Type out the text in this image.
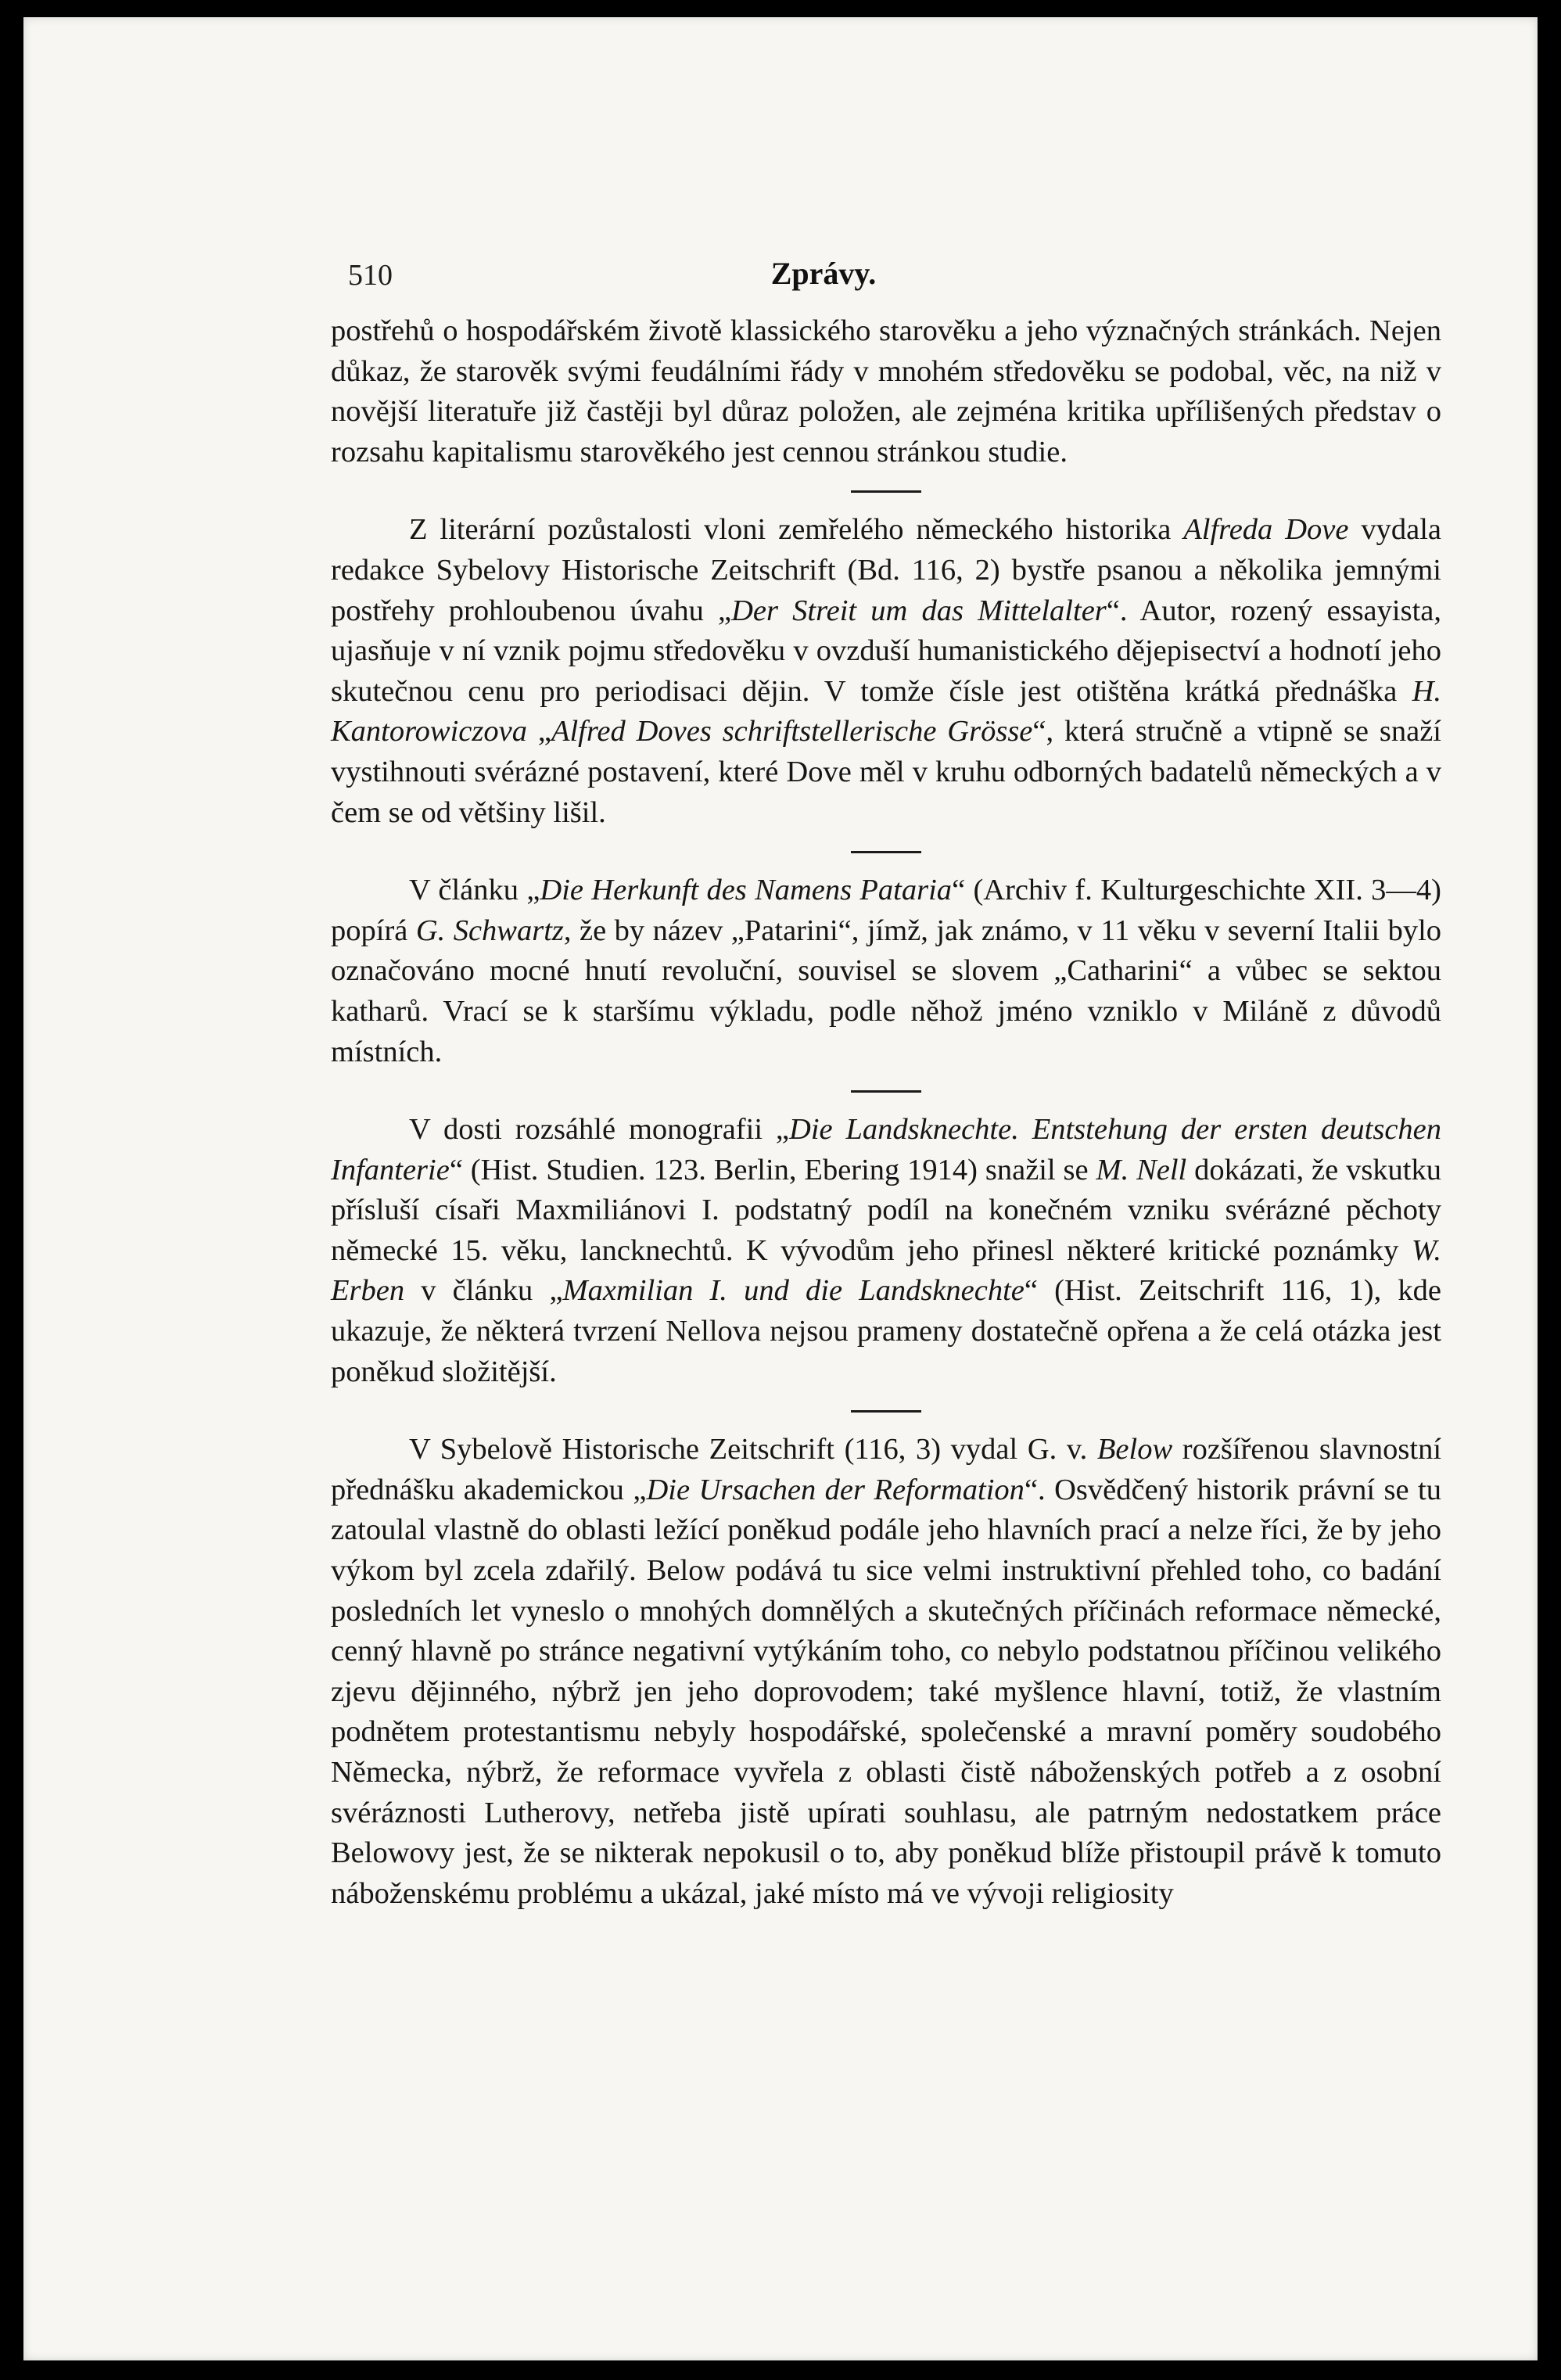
510	Zprávy.

postřehů o hospodářském životě klassického starověku a jeho význačných stránkách. Nejen důkaz, že starověk svými feudálními řády v mnohém středověku se podobal, věc, na niž v novější literatuře již častěji byl důraz položen, ale zejména kritika upřílišených představ o rozsahu kapitalismu starověkého jest cennou stránkou studie.

Z literární pozůstalosti vloni zemřelého německého historika Alfreda Dove vydala redakce Sybelovy Historische Zeitschrift (Bd. 116, 2) bystře psanou a několika jemnými postřehy prohloubenou úvahu „Der Streit um das Mittelalter“. Autor, rozený essayista, ujasňuje v ní vznik pojmu středověku v ovzduší humanistického dějepisectví a hodnotí jeho skutečnou cenu pro periodisaci dějin. V tomže čísle jest otištěna krátká přednáška H. Kantorowiczova „Alfred Doves schriftstellerische Grösse“, která stručně a vtipně se snaží vystihnouti svérázné postavení, které Dove měl v kruhu odborných badatelů německých a v čem se od většiny lišil.

V článku „Die Herkunft des Namens Pataria“ (Archiv f. Kulturgeschichte XII. 3—4) popírá G. Schwartz, že by název „Patarini“, jímž, jak známo, v 11 věku v severní Italii bylo označováno mocné hnutí revoluční, souvisel se slovem „Catharini“ a vůbec se sektou katharů. Vrací se k staršímu výkladu, podle něhož jméno vzniklo v Miláně z důvodů místních.

V dosti rozsáhlé monografii „Die Landsknechte. Entstehung der ersten deutschen Infanterie“ (Hist. Studien. 123. Berlin, Ebering 1914) snažil se M. Nell dokázati, že vskutku přísluší císaři Maxmiliánovi I. podstatný podíl na konečném vzniku svérázné pěchoty německé 15. věku, lancknechtů. K vývodům jeho přinesl některé kritické poznámky W. Erben v článku „Maxmilian I. und die Landsknechte“ (Hist. Zeitschrift 116, 1), kde ukazuje, že některá tvrzení Nellova nejsou prameny dostatečně opřena a že celá otázka jest poněkud složitější.

V Sybelově Historische Zeitschrift (116, 3) vydal G. v. Below rozšířenou slavnostní přednášku akademickou „Die Ursachen der Reformation“. Osvědčený historik právní se tu zatoulal vlastně do oblasti ležící poněkud podále jeho hlavních prací a nelze říci, že by jeho výkom byl zcela zdařilý. Below podává tu sice velmi instruktivní přehled toho, co badání posledních let vyneslo o mnohých domnělých a skutečných příčinách reformace německé, cenný hlavně po stránce negativní vytýkáním toho, co nebylo podstatnou příčinou velikého zjevu dějinného, nýbrž jen jeho doprovodem; také myšlence hlavní, totiž, že vlastním podnětem protestantismu nebyly hospodářské, společenské a mravní poměry soudobého Německa, nýbrž, že reformace vyvřela z oblasti čistě náboženských potřeb a z osobní svéráznosti Lutherovy, netřeba jistě upírati souhlasu, ale patrným nedostatkem práce Belowovy jest, že se nikterak nepokusil o to, aby poněkud blíže přistoupil právě k tomuto náboženskému problému a ukázal, jaké místo má ve vývoji religiosity
